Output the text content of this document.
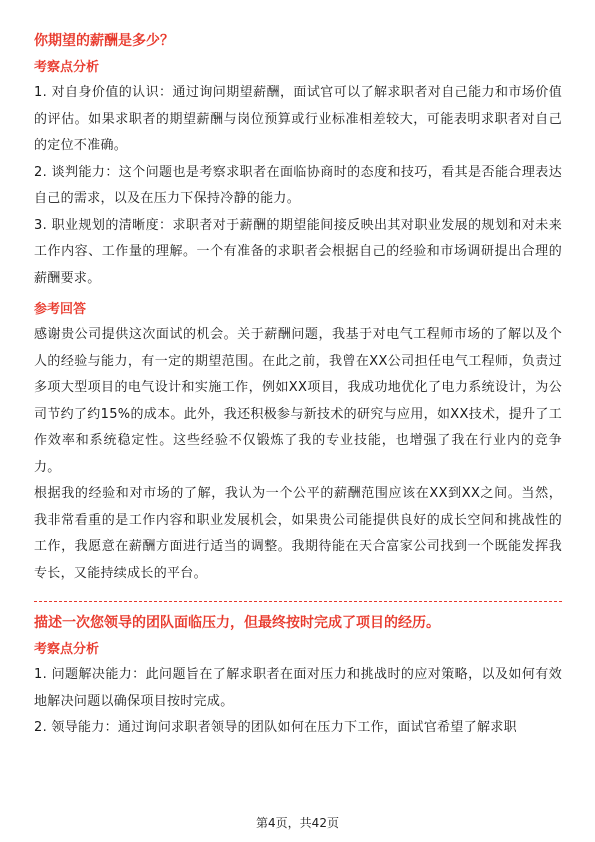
你期望的薪酬是多少？
考察点分析

1. 对自身价值的认识：通过询问期望薪酬，面试官可以了解求职者对自己能力和市场价值的评估。如果求职者的期望薪酬与岗位预算或行业标准相差较大，可能表明求职者对自己的定位不准确。

2. 谈判能力：这个问题也是考察求职者在面临协商时的态度和技巧，看其是否能合理表达自己的需求，以及在压力下保持冷静的能力。

3. 职业规划的清晰度：求职者对于薪酬的期望能间接反映出其对职业发展的规划和对未来工作内容、工作量的理解。一个有准备的求职者会根据自己的经验和市场调研提出合理的薪酬要求。

参考回答

感谢贵公司提供这次面试的机会。关于薪酬问题，我基于对电气工程师市场的了解以及个人的经验与能力，有一定的期望范围。在此之前，我曾在XX公司担任电气工程师，负责过多项大型项目的电气设计和实施工作，例如XX项目，我成功地优化了电力系统设计，为公司节约了约15%的成本。此外，我还积极参与新技术的研究与应用，如XX技术，提升了工作效率和系统稳定性。这些经验不仅锻炼了我的专业技能，也增强了我在行业内的竞争力。

根据我的经验和对市场的了解，我认为一个公平的薪酬范围应该在XX到XX之间。当然，我非常看重的是工作内容和职业发展机会，如果贵公司能提供良好的成长空间和挑战性的工作，我愿意在薪酬方面进行适当的调整。我期待能在天合富家公司找到一个既能发挥我专长，又能持续成长的平台。

描述一次您领导的团队面临压力，但最终按时完成了项目的经历。
考察点分析

1. 问题解决能力：此问题旨在了解求职者在面对压力和挑战时的应对策略，以及如何有效地解决问题以确保项目按时完成。

2. 领导能力：通过询问求职者领导的团队如何在压力下工作，面试官希望了解求职

第4页，共42页
